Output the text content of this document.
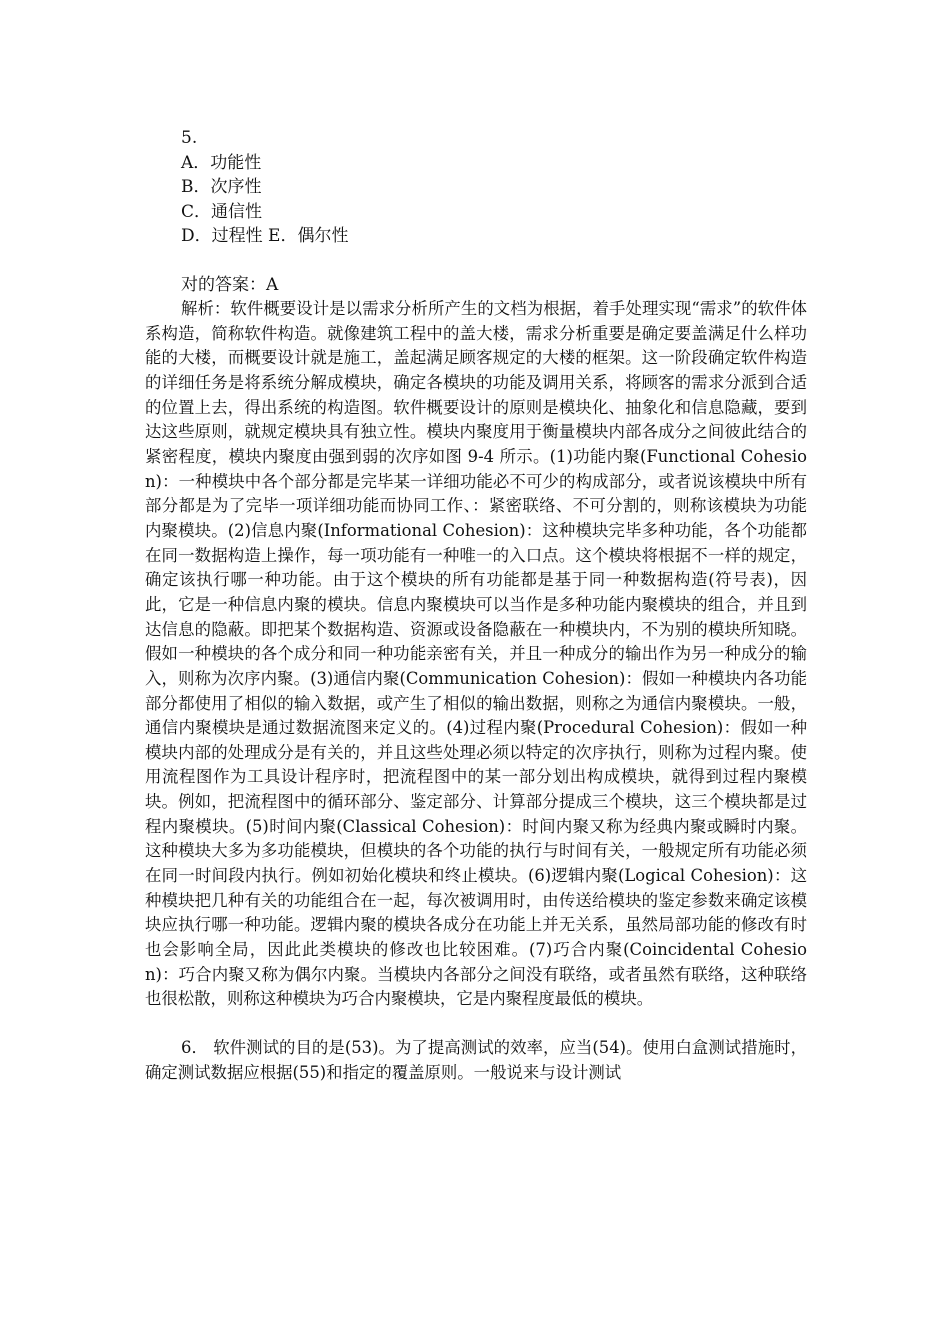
5.
A．功能性
B．次序性
C．通信性
D．过程性 E．偶尔性
对的答案：A

解析：软件概要设计是以需求分析所产生的文档为根据，着手处理实现“需求”的软件体系构造，简称软件构造。就像建筑工程中的盖大楼，需求分析重要是确定要盖满足什么样功能的大楼，而概要设计就是施工，盖起满足顾客规定的大楼的框架。这一阶段确定软件构造的详细任务是将系统分解成模块，确定各模块的功能及调用关系，将顾客的需求分派到合适的位置上去，得出系统的构造图。软件概要设计的原则是模块化、抽象化和信息隐藏，要到达这些原则，就规定模块具有独立性。模块内聚度用于衡量模块内部各成分之间彼此结合的紧密程度，模块内聚度由强到弱的次序如图 9-4 所示。(1)功能内聚(Functional Cohesion)：一种模块中各个部分都是完毕某一详细功能必不可少的构成部分，或者说该模块中所有部分都是为了完毕一项详细功能而协同工作、：紧密联络、不可分割的，则称该模块为功能内聚模块。(2)信息内聚(Informational Cohesion)：这种模块完毕多种功能，各个功能都在同一数据构造上操作，每一项功能有一种唯一的入口点。这个模块将根据不一样的规定，确定该执行哪一种功能。由于这个模块的所有功能都是基于同一种数据构造(符号表)，因此，它是一种信息内聚的模块。信息内聚模块可以当作是多种功能内聚模块的组合，并且到达信息的隐蔽。即把某个数据构造、资源或设备隐蔽在一种模块内，不为别的模块所知晓。假如一种模块的各个成分和同一种功能亲密有关，并且一种成分的输出作为另一种成分的输入，则称为次序内聚。(3)通信内聚(Communication Cohesion)：假如一种模块内各功能部分都使用了相似的输入数据，或产生了相似的输出数据，则称之为通信内聚模块。一般，通信内聚模块是通过数据流图来定义的。(4)过程内聚(Procedural Cohesion)：假如一种模块内部的处理成分是有关的，并且这些处理必须以特定的次序执行，则称为过程内聚。使用流程图作为工具设计程序时，把流程图中的某一部分划出构成模块，就得到过程内聚模块。例如，把流程图中的循环部分、鉴定部分、计算部分提成三个模块，这三个模块都是过程内聚模块。(5)时间内聚(Classical Cohesion)：时间内聚又称为经典内聚或瞬时内聚。这种模块大多为多功能模块，但模块的各个功能的执行与时间有关，一般规定所有功能必须在同一时间段内执行。例如初始化模块和终止模块。(6)逻辑内聚(Logical Cohesion)：这种模块把几种有关的功能组合在一起，每次被调用时，由传送给模块的鉴定参数来确定该模块应执行哪一种功能。逻辑内聚的模块各成分在功能上并无关系，虽然局部功能的修改有时也会影响全局，因此此类模块的修改也比较困难。(7)巧合内聚(Coincidental Cohesion)：巧合内聚又称为偶尔内聚。当模块内各部分之间没有联络，或者虽然有联络，这种联络也很松散，则称这种模块为巧合内聚模块，它是内聚程度最低的模块。

6． 软件测试的目的是(53)。为了提高测试的效率，应当(54)。使用白盒测试措施时，确定测试数据应根据(55)和指定的覆盖原则。一般说来与设计测试
